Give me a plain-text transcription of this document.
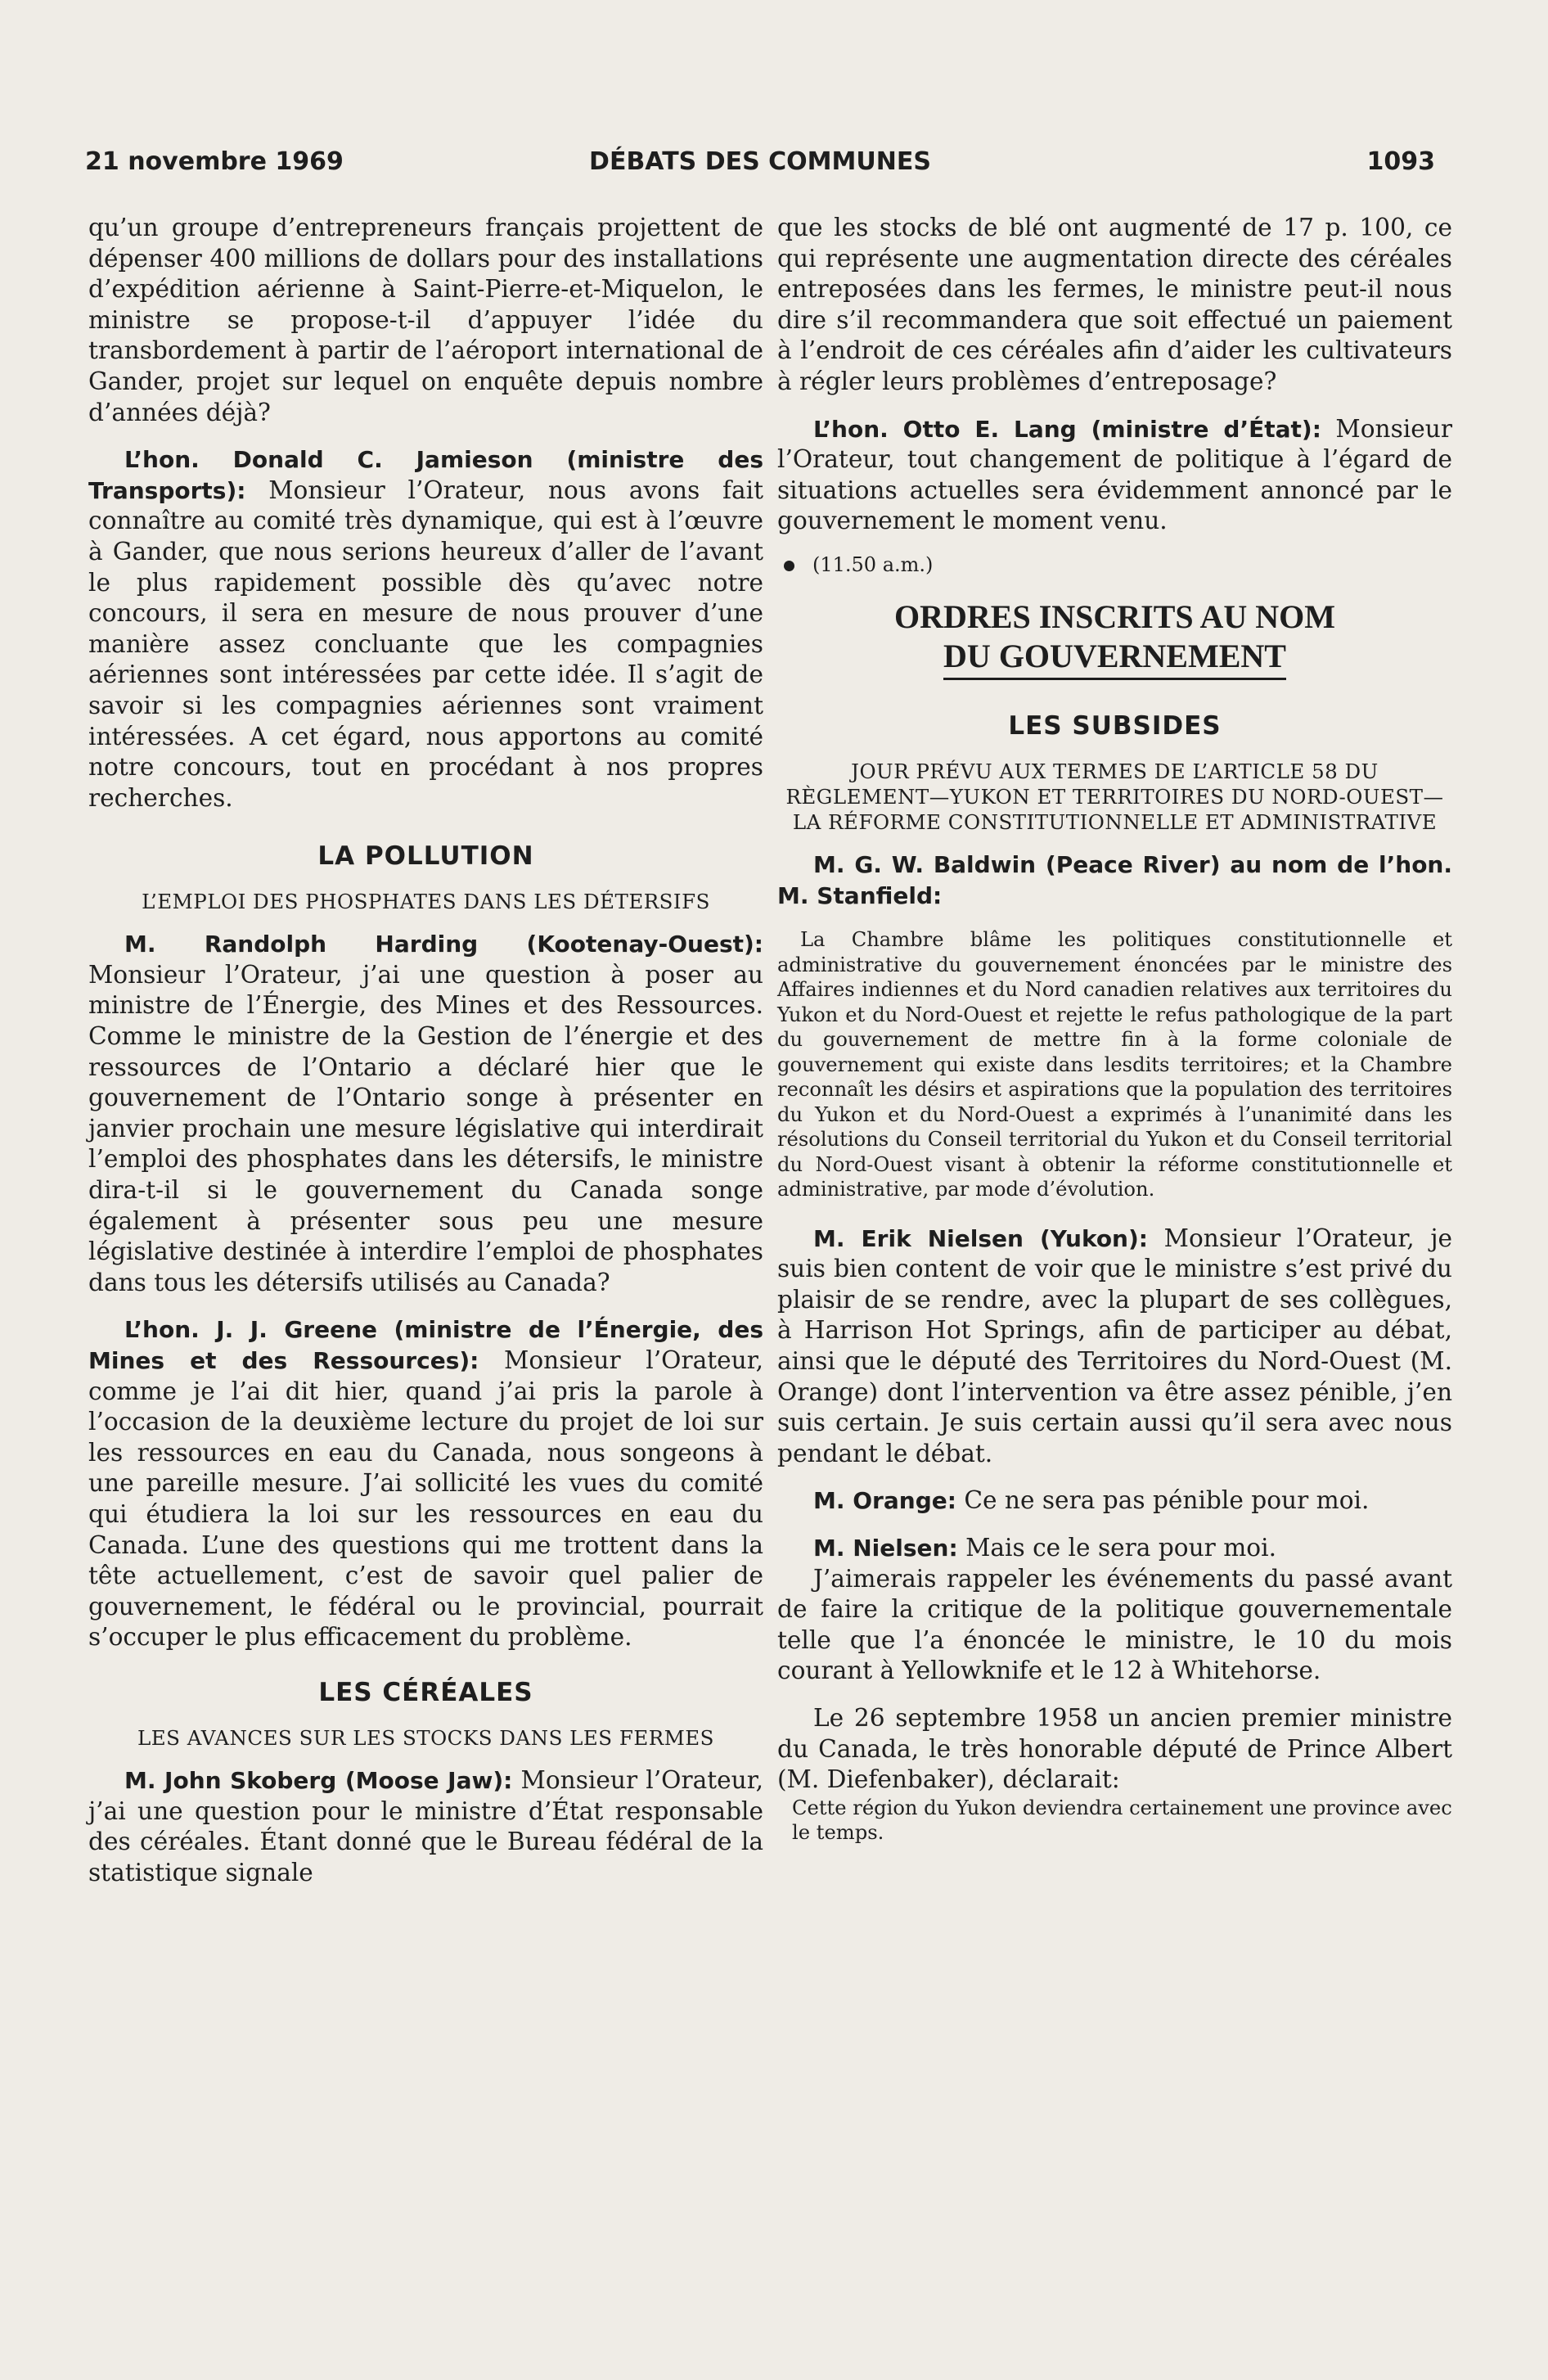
21 novembre 1969	DÉBATS DES COMMUNES	1093

qu’un groupe d’entrepreneurs français projettent de dépenser 400 millions de dollars pour des installations d’expédition aérienne à Saint-Pierre-et-Miquelon, le ministre se propose-t-il d’appuyer l’idée du transbordement à partir de l’aéroport international de Gander, projet sur lequel on enquête depuis nombre d’années déjà?

L’hon. Donald C. Jamieson (ministre des Transports): Monsieur l’Orateur, nous avons fait connaître au comité très dynamique, qui est à l’œuvre à Gander, que nous serions heureux d’aller de l’avant le plus rapidement possible dès qu’avec notre concours, il sera en mesure de nous prouver d’une manière assez concluante que les compagnies aériennes sont intéressées par cette idée. Il s’agit de savoir si les compagnies aériennes sont vraiment intéressées. A cet égard, nous apportons au comité notre concours, tout en procédant à nos propres recherches.

LA POLLUTION
L’EMPLOI DES PHOSPHATES DANS LES DÉTERSIFS

M. Randolph Harding (Kootenay-Ouest): Monsieur l’Orateur, j’ai une question à poser au ministre de l’Énergie, des Mines et des Ressources. Comme le ministre de la Gestion de l’énergie et des ressources de l’Ontario a déclaré hier que le gouvernement de l’Ontario songe à présenter en janvier prochain une mesure législative qui interdirait l’emploi des phosphates dans les détersifs, le ministre dira-t-il si le gouvernement du Canada songe également à présenter sous peu une mesure législative destinée à interdire l’emploi de phosphates dans tous les détersifs utilisés au Canada?

L’hon. J. J. Greene (ministre de l’Énergie, des Mines et des Ressources): Monsieur l’Orateur, comme je l’ai dit hier, quand j’ai pris la parole à l’occasion de la deuxième lecture du projet de loi sur les ressources en eau du Canada, nous songeons à une pareille mesure. J’ai sollicité les vues du comité qui étudiera la loi sur les ressources en eau du Canada. L’une des questions qui me trottent dans la tête actuellement, c’est de savoir quel palier de gouvernement, le fédéral ou le provincial, pourrait s’occuper le plus efficacement du problème.

LES CÉRÉALES
LES AVANCES SUR LES STOCKS DANS LES FERMES

M. John Skoberg (Moose Jaw): Monsieur l’Orateur, j’ai une question pour le ministre d’État responsable des céréales. Étant donné que le Bureau fédéral de la statistique signale

que les stocks de blé ont augmenté de 17 p. 100, ce qui représente une augmentation directe des céréales entreposées dans les fermes, le ministre peut-il nous dire s’il recommandera que soit effectué un paiement à l’endroit de ces céréales afin d’aider les cultivateurs à régler leurs problèmes d’entreposage?

L’hon. Otto E. Lang (ministre d’État): Monsieur l’Orateur, tout changement de politique à l’égard de situations actuelles sera évidemment annoncé par le gouvernement le moment venu.

(11.50 a.m.)
ORDRES INSCRITS AU NOM
DU GOUVERNEMENT
LES SUBSIDES
JOUR PRÉVU AUX TERMES DE L’ARTICLE 58 DU RÈGLEMENT—YUKON ET TERRITOIRES DU NORD-OUEST—LA RÉFORME CONSTITUTIONNELLE ET ADMINISTRATIVE

M. G. W. Baldwin (Peace River) au nom de l’hon. M. Stanfield:

La Chambre blâme les politiques constitutionnelle et administrative du gouvernement énoncées par le ministre des Affaires indiennes et du Nord canadien relatives aux territoires du Yukon et du Nord-Ouest et rejette le refus pathologique de la part du gouvernement de mettre fin à la forme coloniale de gouvernement qui existe dans lesdits territoires; et la Chambre reconnaît les désirs et aspirations que la population des territoires du Yukon et du Nord-Ouest a exprimés à l’unanimité dans les résolutions du Conseil territorial du Yukon et du Conseil territorial du Nord-Ouest visant à obtenir la réforme constitutionnelle et administrative, par mode d’évolution.

M. Erik Nielsen (Yukon): Monsieur l’Orateur, je suis bien content de voir que le ministre s’est privé du plaisir de se rendre, avec la plupart de ses collègues, à Harrison Hot Springs, afin de participer au débat, ainsi que le député des Territoires du Nord-Ouest (M. Orange) dont l’intervention va être assez pénible, j’en suis certain. Je suis certain aussi qu’il sera avec nous pendant le débat.

M. Orange: Ce ne sera pas pénible pour moi.

M. Nielsen: Mais ce le sera pour moi.

J’aimerais rappeler les événements du passé avant de faire la critique de la politique gouvernementale telle que l’a énoncée le ministre, le 10 du mois courant à Yellowknife et le 12 à Whitehorse.

Le 26 septembre 1958 un ancien premier ministre du Canada, le très honorable député de Prince Albert (M. Diefenbaker), déclarait:

Cette région du Yukon deviendra certainement une province avec le temps.
